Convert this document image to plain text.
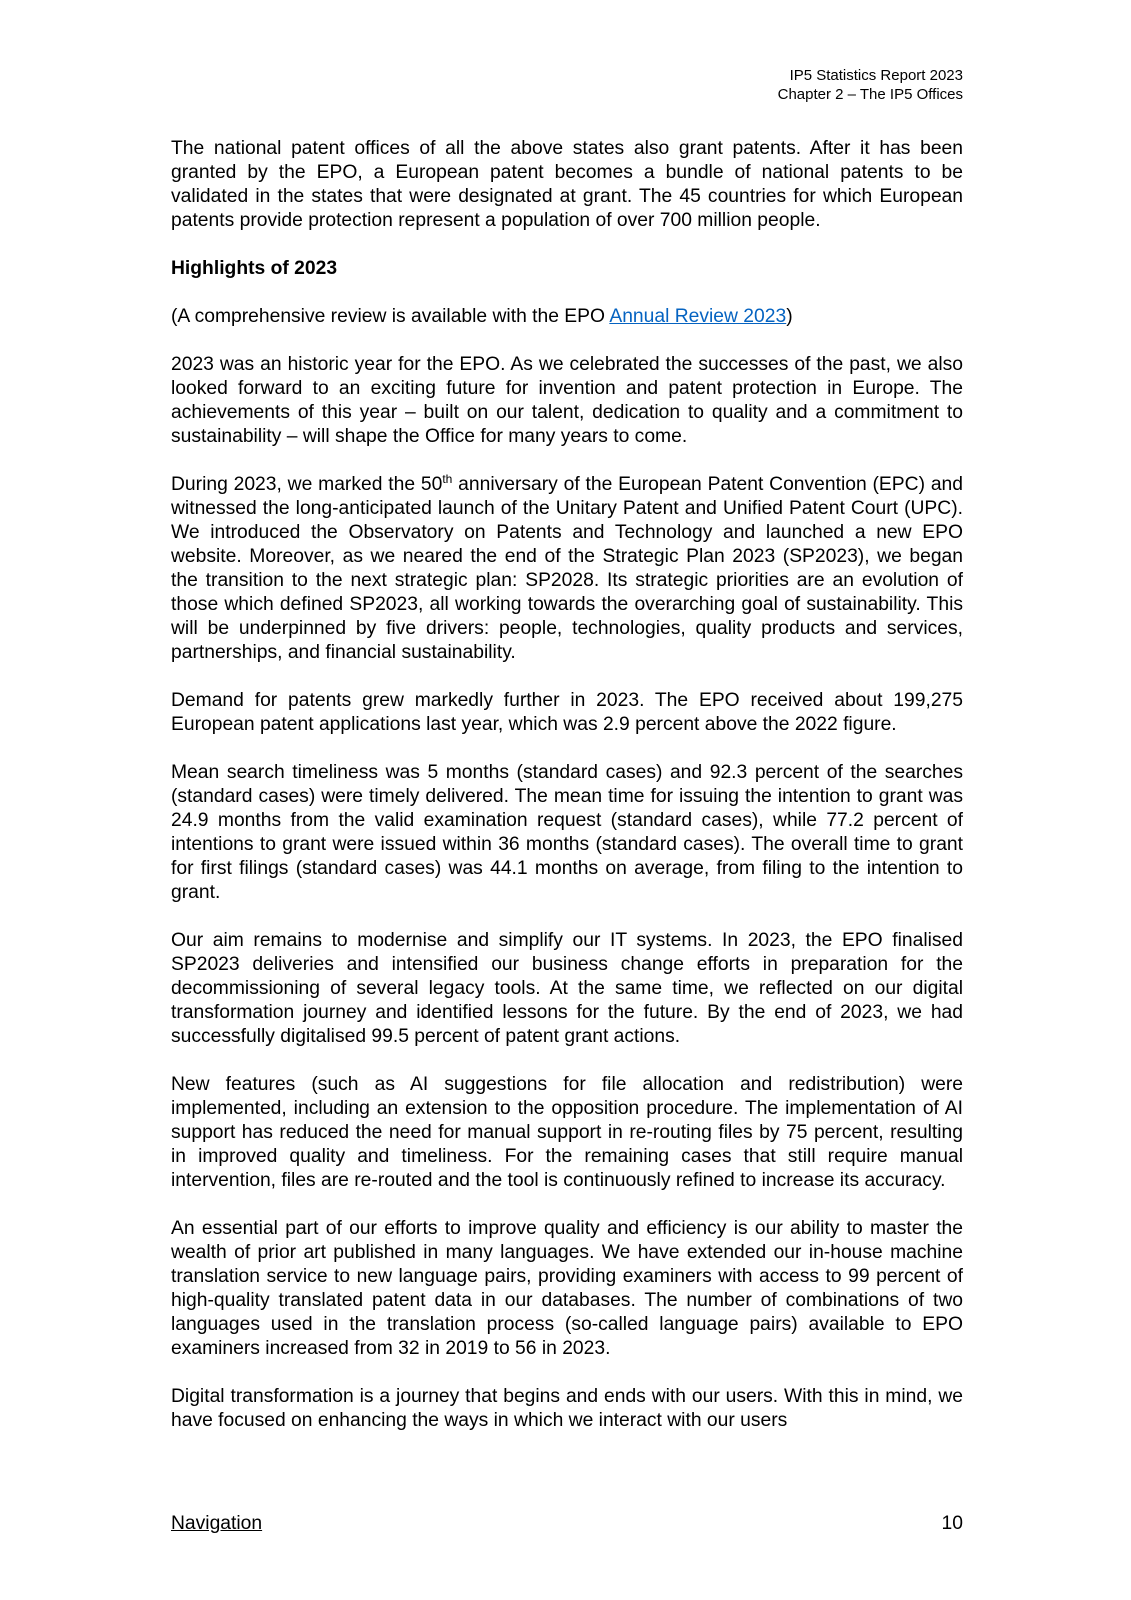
IP5 Statistics Report 2023
Chapter 2 – The IP5 Offices

The national patent offices of all the above states also grant patents. After it has been granted by the EPO, a European patent becomes a bundle of national patents to be validated in the states that were designated at grant. The 45 countries for which European patents provide protection represent a population of over 700 million people.

Highlights of 2023

(A comprehensive review is available with the EPO Annual Review 2023)

2023 was an historic year for the EPO. As we celebrated the successes of the past, we also looked forward to an exciting future for invention and patent protection in Europe. The achievements of this year – built on our talent, dedication to quality and a commitment to sustainability – will shape the Office for many years to come.

During 2023, we marked the 50th anniversary of the European Patent Convention (EPC) and witnessed the long-anticipated launch of the Unitary Patent and Unified Patent Court (UPC). We introduced the Observatory on Patents and Technology and launched a new EPO website. Moreover, as we neared the end of the Strategic Plan 2023 (SP2023), we began the transition to the next strategic plan: SP2028. Its strategic priorities are an evolution of those which defined SP2023, all working towards the overarching goal of sustainability. This will be underpinned by five drivers: people, technologies, quality products and services, partnerships, and financial sustainability.

Demand for patents grew markedly further in 2023. The EPO received about 199,275 European patent applications last year, which was 2.9 percent above the 2022 figure.

Mean search timeliness was 5 months (standard cases) and 92.3 percent of the searches (standard cases) were timely delivered. The mean time for issuing the intention to grant was 24.9 months from the valid examination request (standard cases), while 77.2 percent of intentions to grant were issued within 36 months (standard cases). The overall time to grant for first filings (standard cases) was 44.1 months on average, from filing to the intention to grant.

Our aim remains to modernise and simplify our IT systems. In 2023, the EPO finalised SP2023 deliveries and intensified our business change efforts in preparation for the decommissioning of several legacy tools. At the same time, we reflected on our digital transformation journey and identified lessons for the future. By the end of 2023, we had successfully digitalised 99.5 percent of patent grant actions.

New features (such as AI suggestions for file allocation and redistribution) were implemented, including an extension to the opposition procedure. The implementation of AI support has reduced the need for manual support in re-routing files by 75 percent, resulting in improved quality and timeliness. For the remaining cases that still require manual intervention, files are re-routed and the tool is continuously refined to increase its accuracy.

An essential part of our efforts to improve quality and efficiency is our ability to master the wealth of prior art published in many languages. We have extended our in-house machine translation service to new language pairs, providing examiners with access to 99 percent of high-quality translated patent data in our databases. The number of combinations of two languages used in the translation process (so-called language pairs) available to EPO examiners increased from 32 in 2019 to 56 in 2023.

Digital transformation is a journey that begins and ends with our users. With this in mind, we have focused on enhancing the ways in which we interact with our users

Navigation	10
